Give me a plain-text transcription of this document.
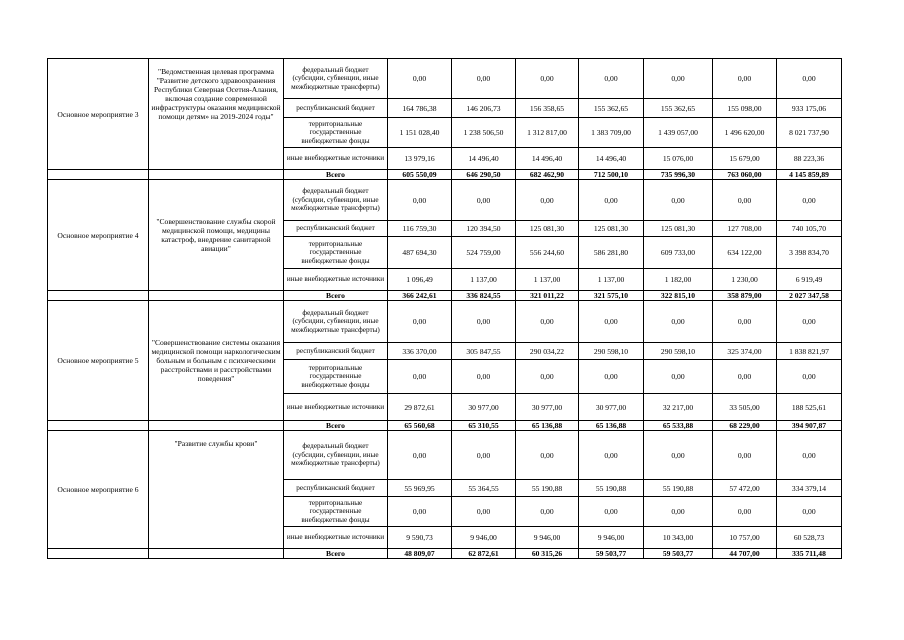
Основное мероприятие 3	"Ведомственная целевая программа "Развитие детского здравоохранения Республики Северная Осетия-Алания, включая создание современной инфраструктуры оказания медицинской помощи детям» на 2019-2024 годы"	федеральный бюджет (субсидии, субвенции, иные межбюджетные трансферты)	0,00	0,00	0,00	0,00	0,00	0,00	0,00
		республиканский бюджет	164 786,38	146 206,73	156 358,65	155 362,65	155 362,65	155 098,00	933 175,06
		территориальные государственные внебюджетные фонды	1 151 028,40	1 238 506,50	1 312 817,00	1 383 709,00	1 439 057,00	1 496 620,00	8 021 737,90
		иные внебюджетные источники	13 979,16	14 496,40	14 496,40	14 496,40	15 076,00	15 679,00	88 223,36
		Всего	605 550,09	646 290,50	682 462,90	712 500,10	735 996,30	763 060,00	4 145 859,89
Основное мероприятие 4	"Совершенствование службы скорой медицинской помощи, медицины катастроф, внедрение санитарной авиации"	федеральный бюджет (субсидии, субвенции, иные межбюджетные трансферты)	0,00	0,00	0,00	0,00	0,00	0,00	0,00
		республиканский бюджет	116 759,30	120 394,50	125 081,30	125 081,30	125 081,30	127 708,00	740 105,70
		территориальные государственные внебюджетные фонды	487 694,30	524 759,00	556 244,60	586 281,80	609 733,00	634 122,00	3 398 834,70
		иные внебюджетные источники	1 096,49	1 137,00	1 137,00	1 137,00	1 182,00	1 230,00	6 919,49
		Всего	366 242,61	336 824,55	321 011,22	321 575,10	322 815,10	358 879,00	2 027 347,58
Основное мероприятие 5	"Совершенствование системы оказания медицинской помощи наркологическим больным и больным с психическими расстройствами и расстройствами поведения"	федеральный бюджет (субсидии, субвенции, иные межбюджетные трансферты)	0,00	0,00	0,00	0,00	0,00	0,00	0,00
		республиканский бюджет	336 370,00	305 847,55	290 034,22	290 598,10	290 598,10	325 374,00	1 838 821,97
		территориальные государственные внебюджетные фонды	0,00	0,00	0,00	0,00	0,00	0,00	0,00
		иные внебюджетные источники	29 872,61	30 977,00	30 977,00	30 977,00	32 217,00	33 505,00	188 525,61
		Всего	65 560,68	65 310,55	65 136,88	65 136,88	65 533,88	68 229,00	394 907,87
Основное мероприятие 6	"Развитие службы крови"	федеральный бюджет (субсидии, субвенции, иные межбюджетные трансферты)	0,00	0,00	0,00	0,00	0,00	0,00	0,00
		республиканский бюджет	55 969,95	55 364,55	55 190,88	55 190,88	55 190,88	57 472,00	334 379,14
		территориальные государственные внебюджетные фонды	0,00	0,00	0,00	0,00	0,00	0,00	0,00
		иные внебюджетные источники	9 590,73	9 946,00	9 946,00	9 946,00	10 343,00	10 757,00	60 528,73
		Всего	48 809,07	62 872,61	60 315,26	59 503,77	59 503,77	44 707,00	335 711,48
